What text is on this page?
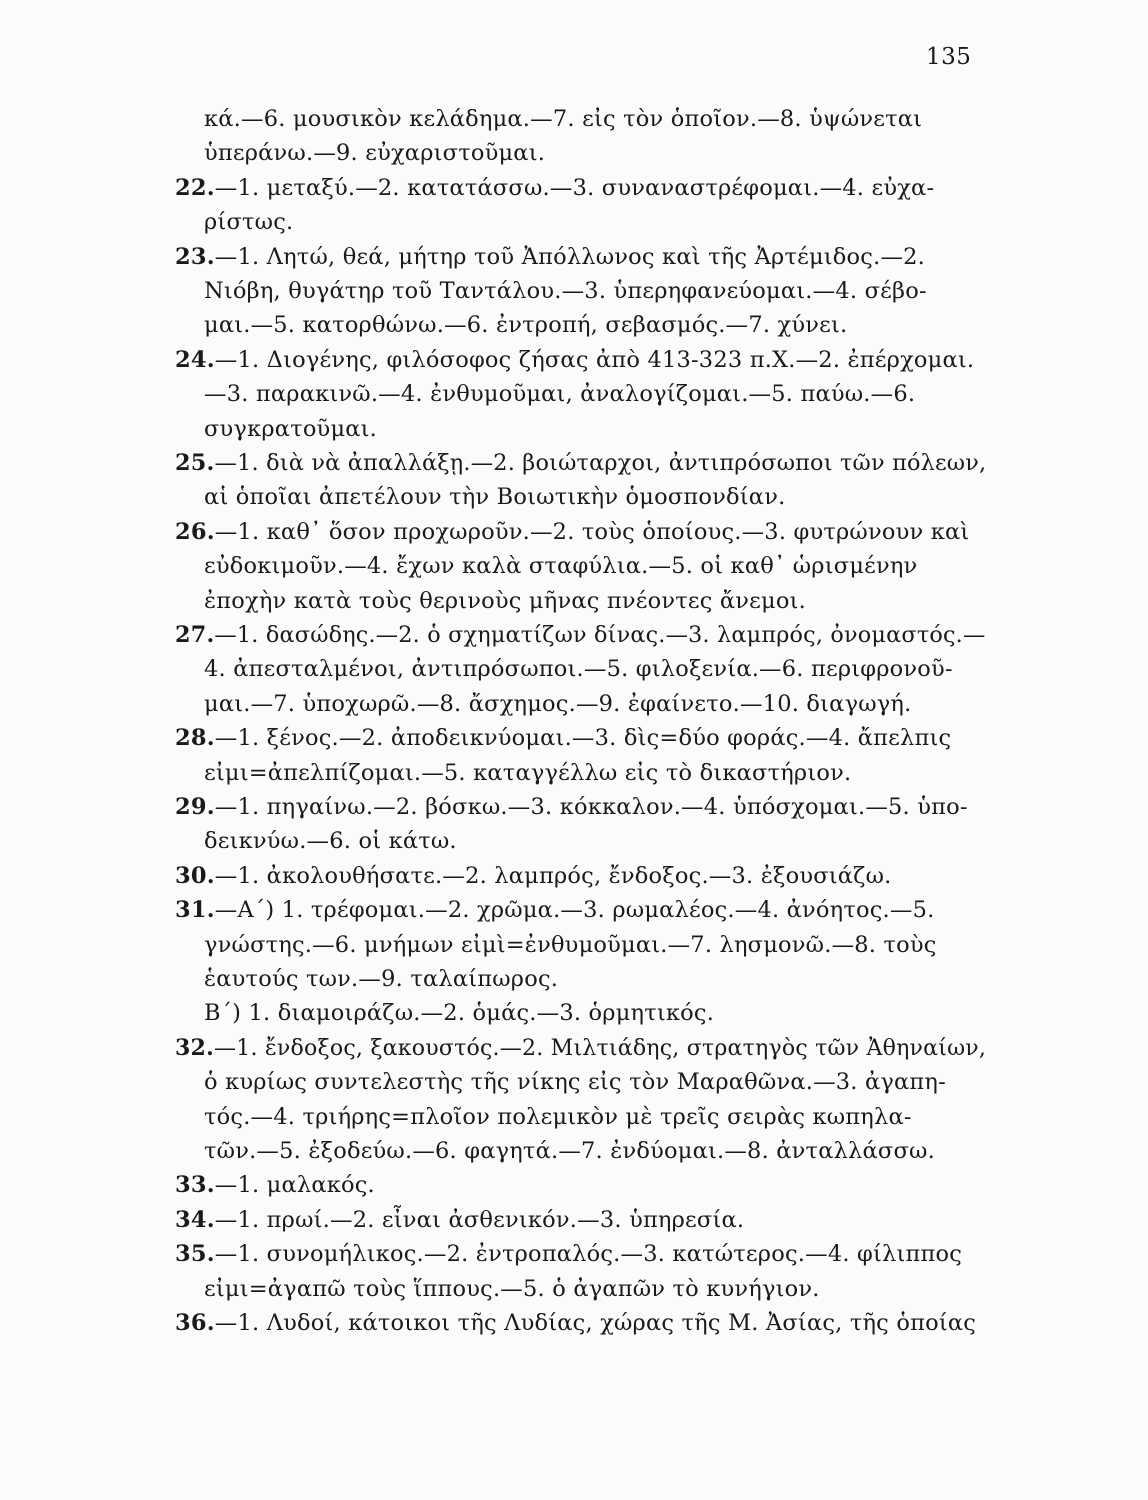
135
κά.—6. μουσικὸν κελάδημα.—7. εἰς τὸν ὁποῖον.—8. ὑψώνεται
ὑπεράνω.—9. εὐχαριστοῦμαι.
22.—1. μεταξύ.—2. κατατάσσω.—3. συναναστρέφομαι.—4. εὐχα-
ρίστως.
23.—1. Λητώ, θεά, μήτηρ τοῦ Ἀπόλλωνος καὶ τῆς Ἀρτέμιδος.—2.
Νιόβη, θυγάτηρ τοῦ Ταντάλου.—3. ὑπερηφανεύομαι.—4. σέβο-
μαι.—5. κατορθώνω.—6. ἐντροπή, σεβασμός.—7. χύνει.
24.—1. Διογένης, φιλόσοφος ζήσας ἀπὸ 413-323 π.Χ.—2. ἐπέρχομαι.
—3. παρακινῶ.—4. ἐνθυμοῦμαι, ἀναλογίζομαι.—5. παύω.—6.
συγκρατοῦμαι.
25.—1. διὰ νὰ ἀπαλλάξῃ.—2. βοιώταρχοι, ἀντιπρόσωποι τῶν πόλεων,
αἱ ὁποῖαι ἀπετέλουν τὴν Βοιωτικὴν ὁμοσπονδίαν.
26.—1. καθ᾽ ὅσον προχωροῦν.—2. τοὺς ὁποίους.—3. φυτρώνουν καὶ
εὐδοκιμοῦν.—4. ἔχων καλὰ σταφύλια.—5. οἱ καθ᾽ ὡρισμένην
ἐποχὴν κατὰ τοὺς θερινοὺς μῆνας πνέοντες ἄνεμοι.
27.—1. δασώδης.—2. ὁ σχηματίζων δίνας.—3. λαμπρός, ὀνομαστός.—
4. ἀπεσταλμένοι, ἀντιπρόσωποι.—5. φιλοξενία.—6. περιφρονοῦ-
μαι.—7. ὑποχωρῶ.—8. ἄσχημος.—9. ἐφαίνετο.—10. διαγωγή.
28.—1. ξένος.—2. ἀποδεικνύομαι.—3. δὶς=δύο φοράς.—4. ἄπελπις
εἰμι=ἀπελπίζομαι.—5. καταγγέλλω εἰς τὸ δικαστήριον.
29.—1. πηγαίνω.—2. βόσκω.—3. κόκκαλον.—4. ὑπόσχομαι.—5. ὑπο-
δεικνύω.—6. οἱ κάτω.
30.—1. ἀκολουθήσατε.—2. λαμπρός, ἔνδοξος.—3. ἐξουσιάζω.
31.—Α΄) 1. τρέφομαι.—2. χρῶμα.—3. ρωμαλέος.—4. ἀνόητος.—5.
γνώστης.—6. μνήμων εἰμὶ=ἐνθυμοῦμαι.—7. λησμονῶ.—8. τοὺς
ἑαυτούς των.—9. ταλαίπωρος.
Β΄) 1. διαμοιράζω.—2. ὁμάς.—3. ὁρμητικός.
32.—1. ἔνδοξος, ξακουστός.—2. Μιλτιάδης, στρατηγὸς τῶν Ἀθηναίων,
ὁ κυρίως συντελεστὴς τῆς νίκης εἰς τὸν Μαραθῶνα.—3. ἀγαπη-
τός.—4. τριήρης=πλοῖον πολεμικὸν μὲ τρεῖς σειρὰς κωπηλα-
τῶν.—5. ἐξοδεύω.—6. φαγητά.—7. ἐνδύομαι.—8. ἀνταλλάσσω.
33.—1. μαλακός.
34.—1. πρωί.—2. εἶναι ἀσθενικόν.—3. ὑπηρεσία.
35.—1. συνομήλικος.—2. ἐντροπαλός.—3. κατώτερος.—4. φίλιππος
εἰμι=ἀγαπῶ τοὺς ἵππους.—5. ὁ ἀγαπῶν τὸ κυνήγιον.
36.—1. Λυδοί, κάτοικοι τῆς Λυδίας, χώρας τῆς Μ. Ἀσίας, τῆς ὁποίας
